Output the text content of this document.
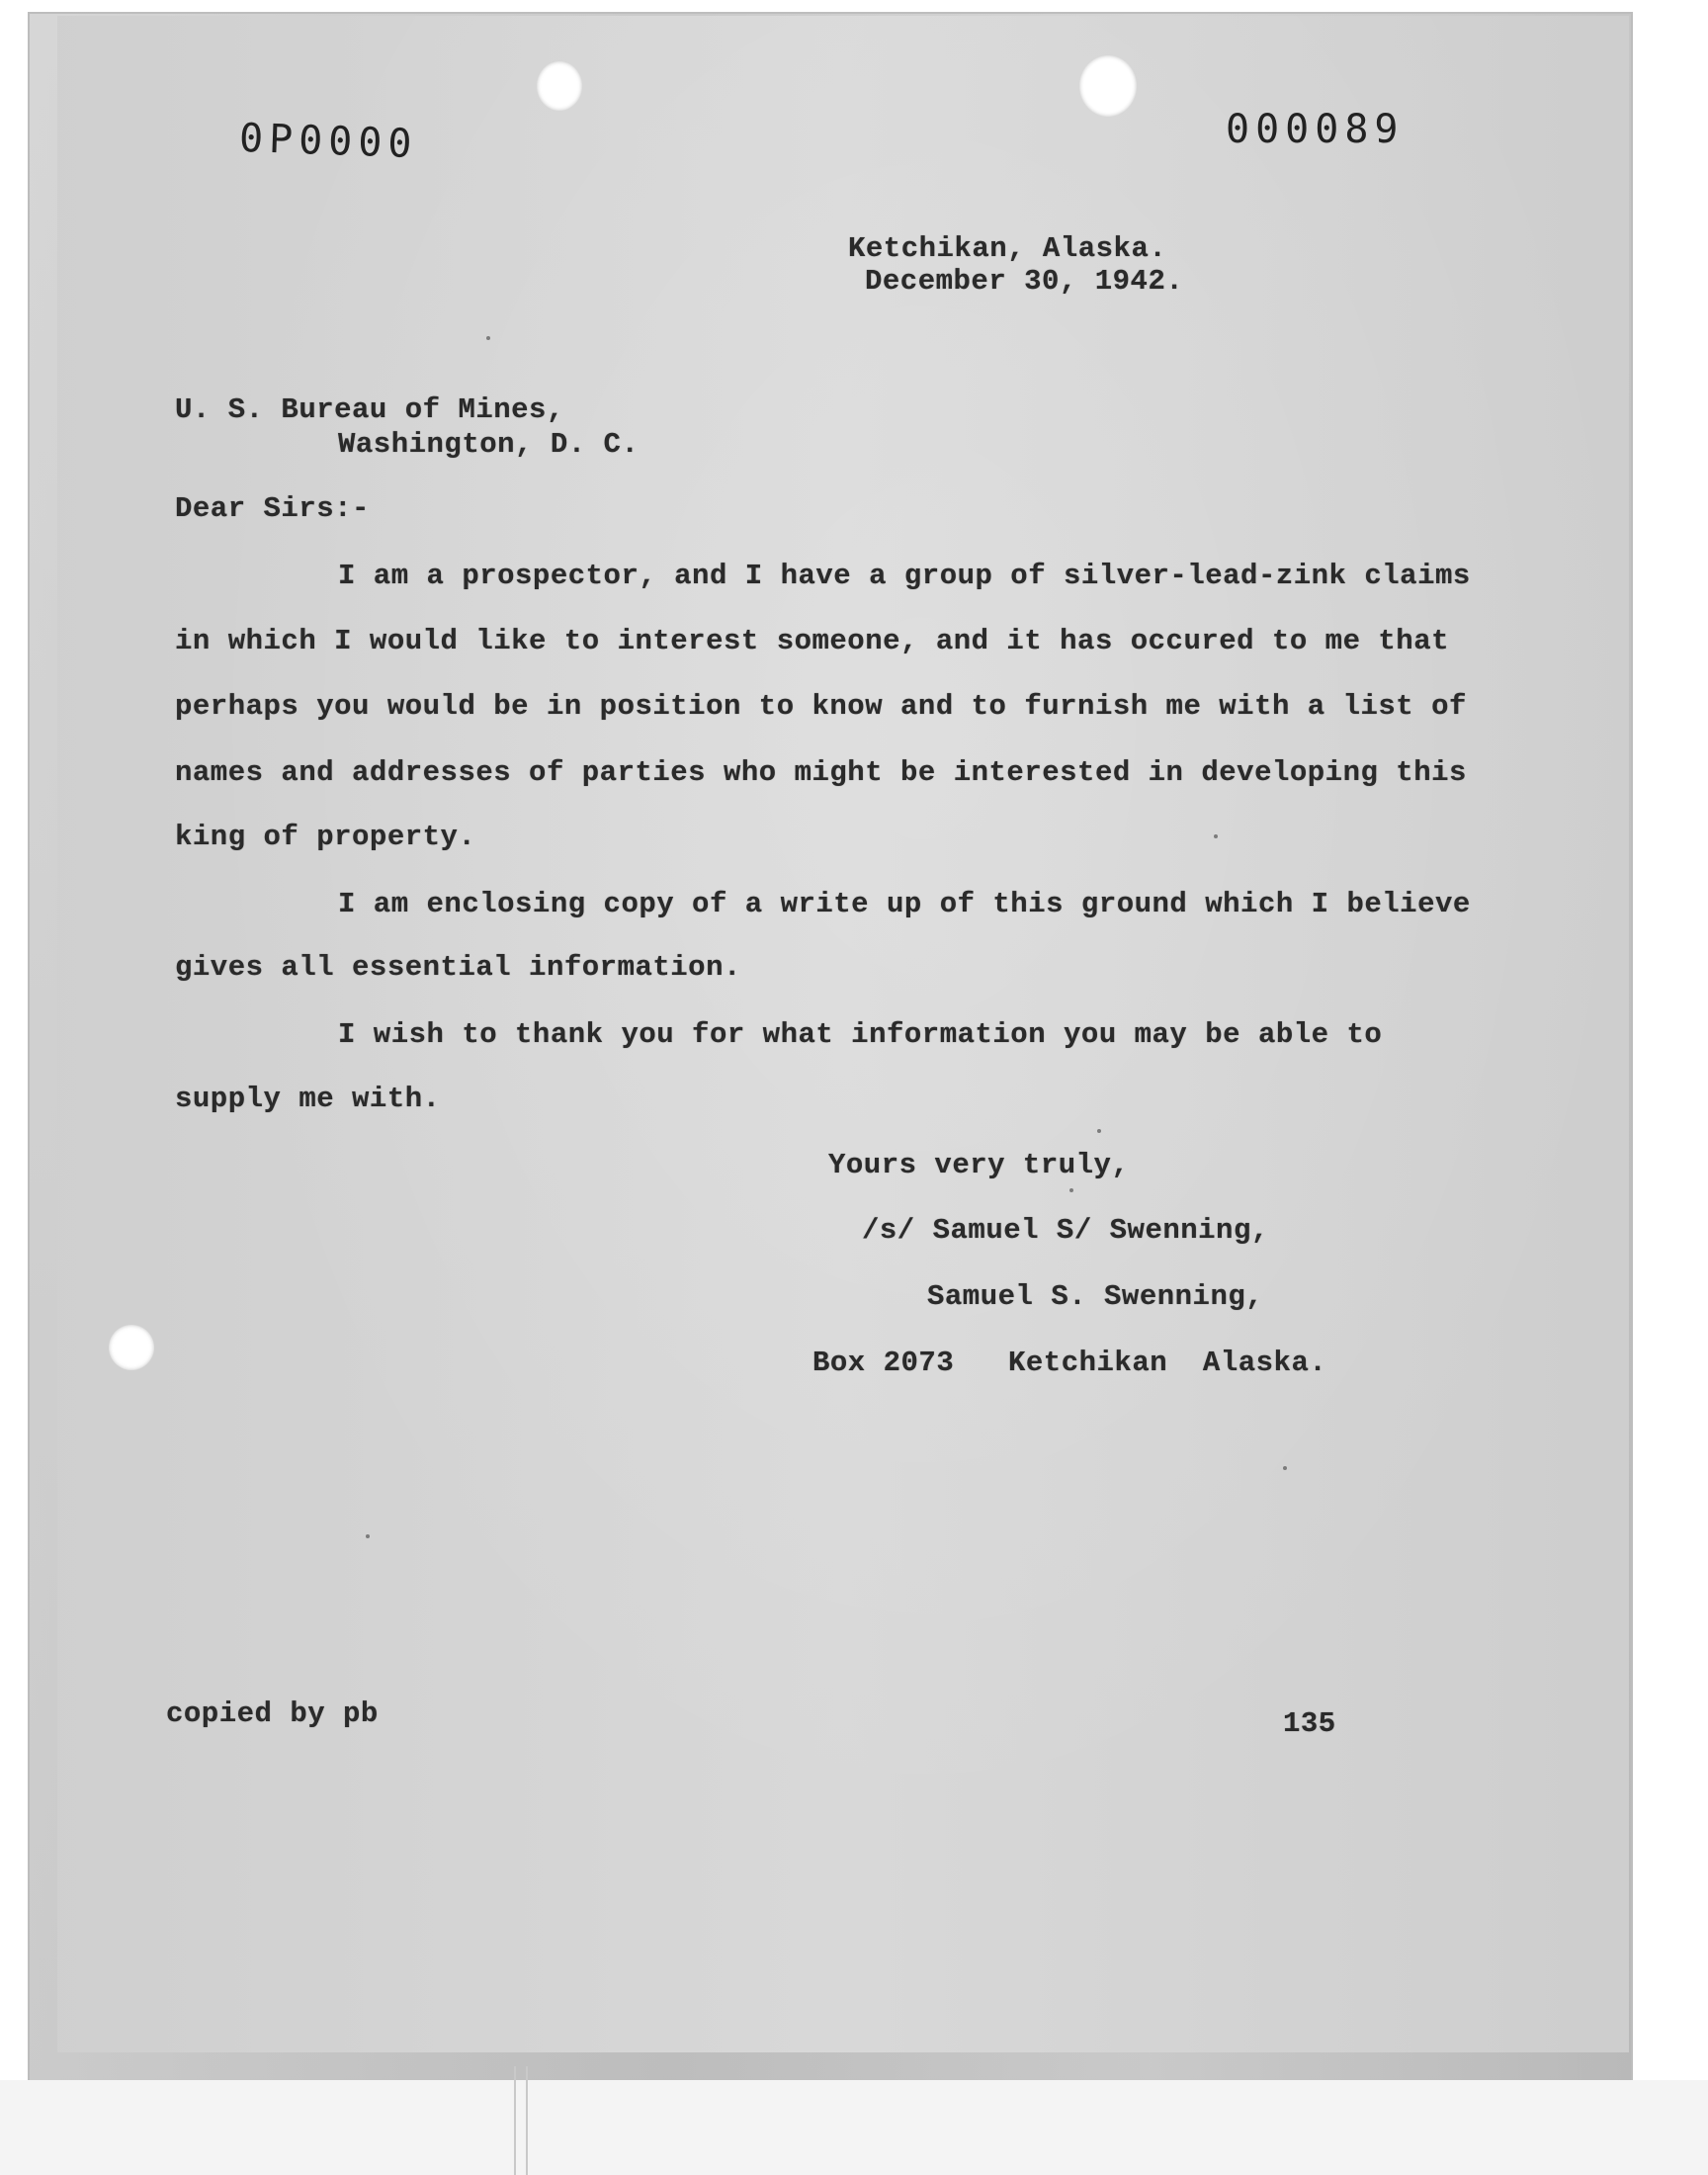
0P0000	000089
Ketchikan, Alaska.
December 30, 1942.
U. S. Bureau of Mines,
Washington, D. C.
Dear Sirs:-
I am a prospector, and I have a group of silver-lead-zink claims
in which I would like to interest someone, and it has occured to me that
perhaps you would be in position to know and to furnish me with a list of
names and addresses of parties who might be interested in developing this
king of property.
I am enclosing copy of a write up of this ground which I believe
gives all essential information.
I wish to thank you for what information you may be able to
supply me with.
Yours very truly,
/s/ Samuel S/ Swenning,
Samuel S. Swenning,
Box 2073 Ketchikan  Alaska.
copied by pb	135
